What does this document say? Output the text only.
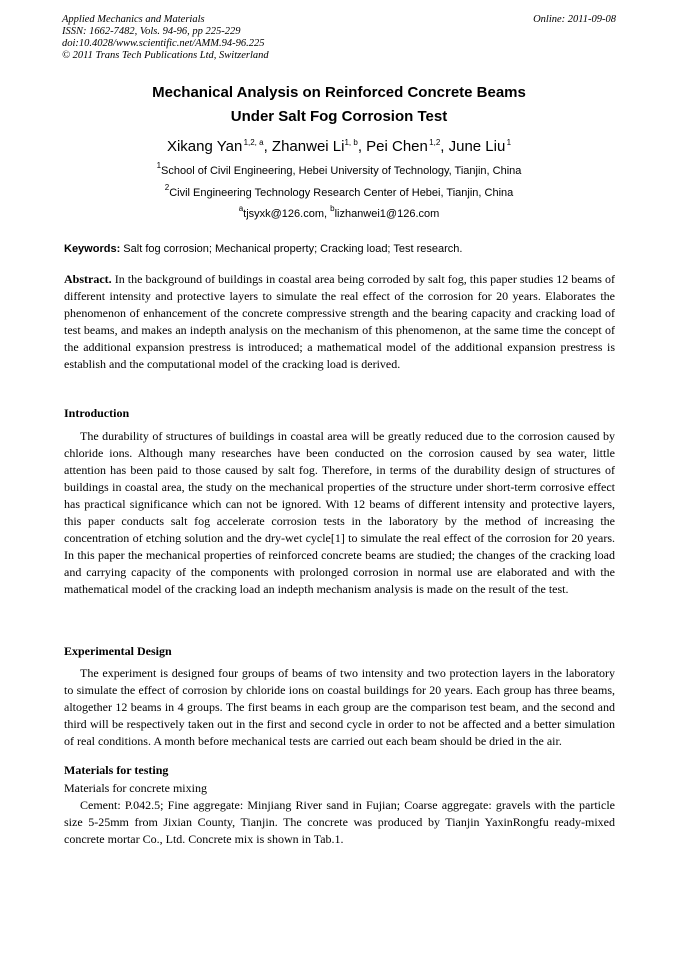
Applied Mechanics and Materials
ISSN: 1662-7482, Vols. 94-96, pp 225-229
doi:10.4028/www.scientific.net/AMM.94-96.225
© 2011 Trans Tech Publications Ltd, Switzerland
Online: 2011-09-08
Mechanical Analysis on Reinforced Concrete Beams
Under Salt Fog Corrosion Test
Xikang Yan $^{1,2, a}$, Zhanwei Li$^{1, b}$, Pei Chen $^{1,2}$, June Liu $^1$
$^1$School of Civil Engineering, Hebei University of Technology, Tianjin, China
$^2$Civil Engineering Technology Research Center of Hebei, Tianjin, China
$^a$tjsyxk@126.com, $^b$lizhanwei1@126.com
Keywords: Salt fog corrosion; Mechanical property; Cracking load; Test research.
Abstract. In the background of buildings in coastal area being corroded by salt fog, this paper studies 12 beams of different intensity and protective layers to simulate the real effect of the corrosion for 20 years. Elaborates the phenomenon of enhancement of the concrete compressive strength and the bearing capacity and cracking load of test beams, and makes an indepth analysis on the mechanism of this phenomenon, at the same time the concept of the additional expansion prestress is introduced; a mathematical model of the additional expansion prestress is establish and the computational model of the cracking load is derived.
Introduction

The durability of structures of buildings in coastal area will be greatly reduced due to the corrosion caused by chloride ions. Although many researches have been conducted on the corrosion caused by sea water, little attention has been paid to those caused by salt fog. Therefore, in terms of the durability design of structures of buildings in coastal area, the study on the mechanical properties of the structure under short-term corrosive effect has practical significance which can not be ignored. With 12 beams of different intensity and protective layers, this paper conducts salt fog accelerate corrosion tests in the laboratory by the method of increasing the concentration of etching solution and the dry-wet cycle[1] to simulate the real effect of the corrosion for 20 years. In this paper the mechanical properties of reinforced concrete beams are studied; the changes of the cracking load and carrying capacity of the components with prolonged corrosion in normal use are elaborated and with the mathematical model of the cracking load an indepth mechanism analysis is made on the result of the test.

Experimental Design

The experiment is designed four groups of beams of two intensity and two protection layers in the laboratory to simulate the effect of corrosion by chloride ions on coastal buildings for 20 years. Each group has three beams, altogether 12 beams in 4 groups. The first beams in each group are the comparison test beam, and the second and third will be respectively taken out in the first and second cycle in order to not be affected and a better simulation of real conditions. A month before mechanical tests are carried out each beam should be dried in the air.

Materials for testing
Materials for concrete mixing

Cement: P.042.5; Fine aggregate: Minjiang River sand in Fujian; Coarse aggregate: gravels with the particle size 5-25mm from Jixian County, Tianjin. The concrete was produced by Tianjin YaxinRongfu ready-mixed concrete mortar Co., Ltd. Concrete mix is shown in Tab.1.
